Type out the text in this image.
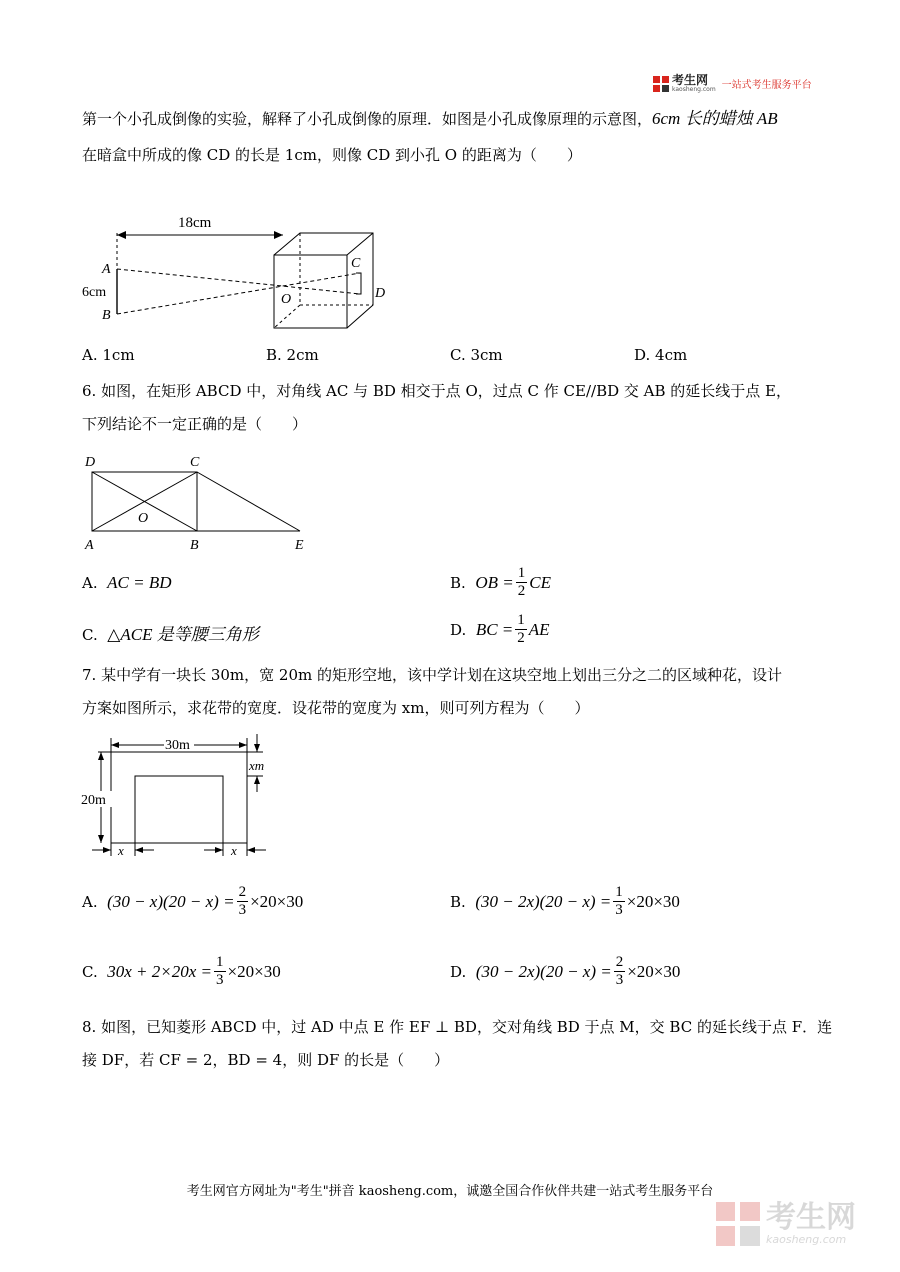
考生网
kaosheng.com 一站式考生服务平台
第一个小孔成倒像的实验，解释了小孔成倒像的原理．如图是小孔成像原理的示意图，6cm 长的蜡烛 AB
在暗盒中所成的像 CD 的长是 1cm，则像 CD 到小孔 O 的距离为（　　）
18cm
A
B
6cm
C
D
O
A. 1cm	B. 2cm	C. 3cm	D. 4cm
6. 如图，在矩形 ABCD 中，对角线 AC 与 BD 相交于点 O，过点 C 作 CE//BD 交 AB 的延长线于点 E，
下列结论不一定正确的是（　　）
D	C
O
A	B	E
A. AC = BD	B.
OB = $\frac{1}{2}$ CE
C. △ACE 是等腰三角形	D.
BC = $\frac{1}{2}$ AE
7. 某中学有一块长 30m，宽 20m 的矩形空地，该中学计划在这块空地上划出三分之二的区域种花，设计
方案如图所示，求花带的宽度．设花带的宽度为 xm，则可列方程为（　　）
30m
20m
xm
x	x
A.
$(30 - x)(20 - x) = \frac{2}{3} \times 20\times 30$	B.
$(30 - 2x)(20 - x) = \frac{1}{3} \times 20\times 30$
C.
$30x + 2\times 20x = \frac{1}{3} \times 20\times 30$	D.
$(30 - 2x)(20 - x) = \frac{2}{3} \times 20\times 30$
8. 如图，已知菱形 ABCD 中，过 AD 中点 E 作 EF ⊥ BD，交对角线 BD 于点 M，交 BC 的延长线于点 F．连
接 DF，若 CF = 2，BD = 4，则 DF 的长是（　　）
考生网官方网址为"考生"拼音 kaosheng.com，诚邀全国合作伙伴共建一站式考生服务平台
考生网
kaosheng.com
